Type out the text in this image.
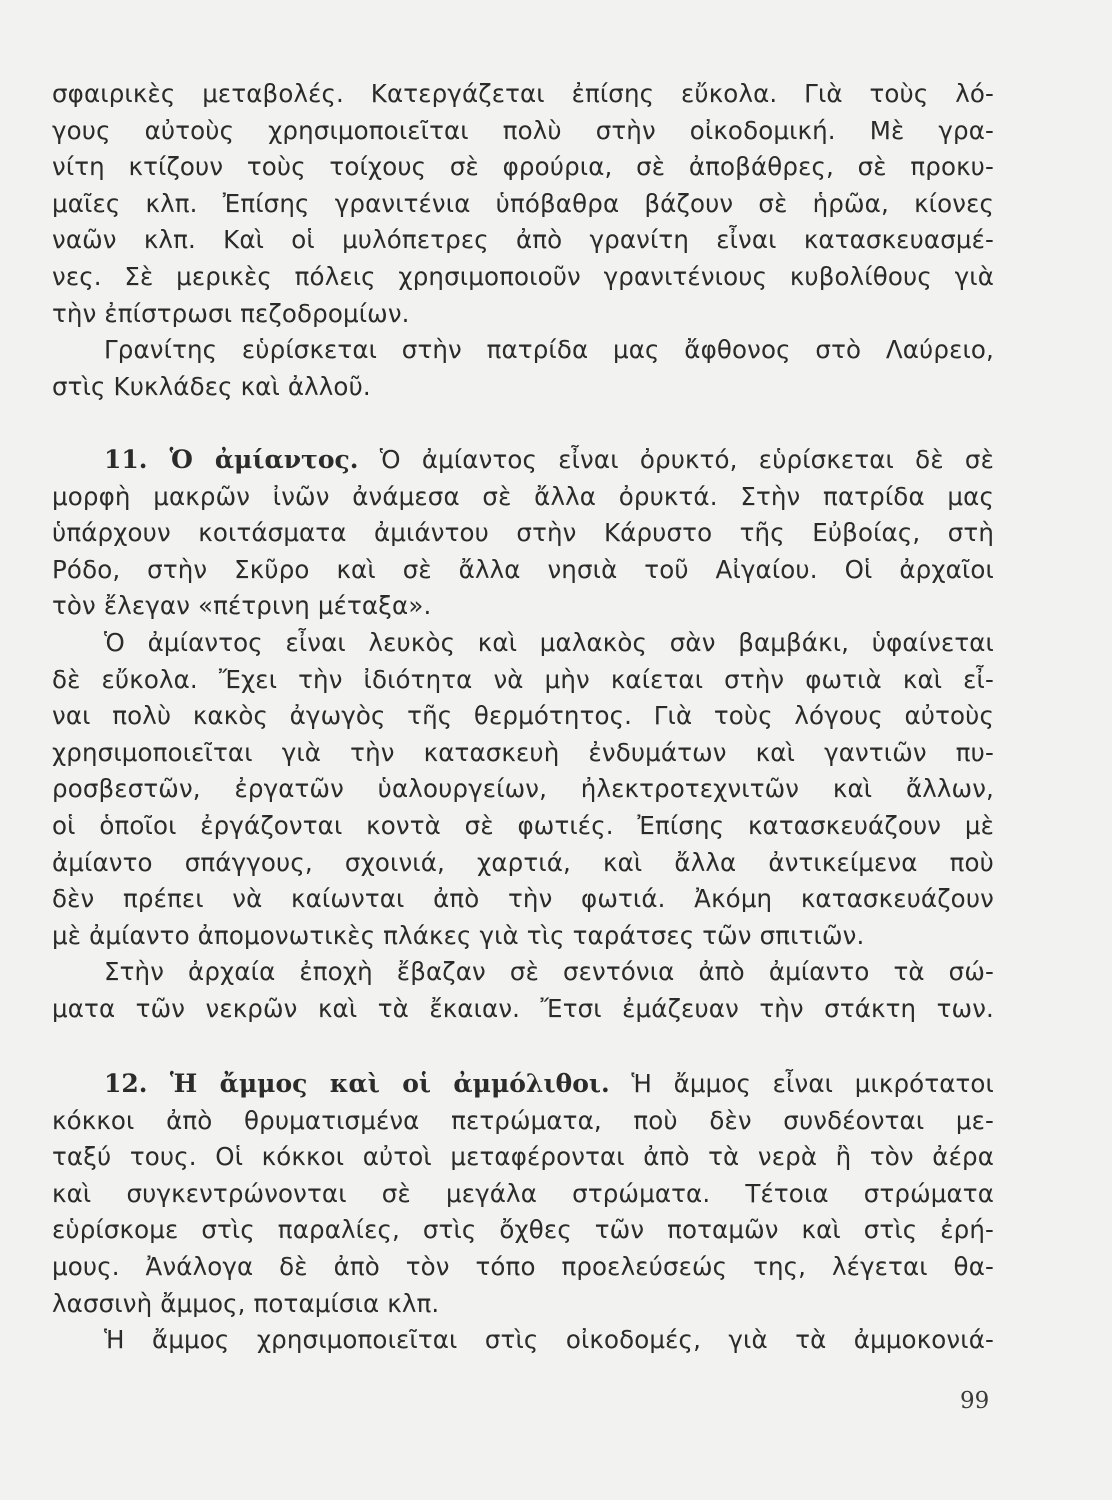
σφαιρικὲς μεταβολές. Κατεργάζεται ἐπίσης εὔκολα. Γιὰ τοὺς λό-
γους αὐτοὺς χρησιμοποιεῖται πολὺ στὴν οἰκοδομική. Μὲ γρα-
νίτη κτίζουν τοὺς τοίχους σὲ φρούρια, σὲ ἀποβάθρες, σὲ προκυ-
μαῖες κλπ. Ἐπίσης γρανιτένια ὑπόβαθρα βάζουν σὲ ἡρῶα, κίονες
ναῶν κλπ. Καὶ οἱ μυλόπετρες ἀπὸ γρανίτη εἶναι κατασκευασμέ-
νες. Σὲ μερικὲς πόλεις χρησιμοποιοῦν γρανιτένιους κυβολίθους γιὰ
τὴν ἐπίστρωσι πεζοδρομίων.
Γρανίτης εὑρίσκεται στὴν πατρίδα μας ἄφθονος στὸ Λαύρειο,
στὶς Κυκλάδες καὶ ἀλλοῦ.
11. Ὁ ἀμίαντος. Ὁ ἀμίαντος εἶναι ὀρυκτό, εὑρίσκεται δὲ σὲ
μορφὴ μακρῶν ἰνῶν ἀνάμεσα σὲ ἄλλα ὀρυκτά. Στὴν πατρίδα μας
ὑπάρχουν κοιτάσματα ἀμιάντου στὴν Κάρυστο τῆς Εὐβοίας, στὴ
Ρόδο, στὴν Σκῦρο καὶ σὲ ἄλλα νησιὰ τοῦ Αἰγαίου. Οἱ ἀρχαῖοι
τὸν ἔλεγαν «πέτρινη μέταξα».
Ὁ ἀμίαντος εἶναι λευκὸς καὶ μαλακὸς σὰν βαμβάκι, ὑφαίνεται
δὲ εὔκολα. Ἔχει τὴν ἰδιότητα νὰ μὴν καίεται στὴν φωτιὰ καὶ εἶ-
ναι πολὺ κακὸς ἀγωγὸς τῆς θερμότητος. Γιὰ τοὺς λόγους αὐτοὺς
χρησιμοποιεῖται γιὰ τὴν κατασκευὴ ἐνδυμάτων καὶ γαντιῶν πυ-
ροσβεστῶν, ἐργατῶν ὑαλουργείων, ἠλεκτροτεχνιτῶν καὶ ἄλλων,
οἱ ὁποῖοι ἐργάζονται κοντὰ σὲ φωτιές. Ἐπίσης κατασκευάζουν μὲ
ἀμίαντο σπάγγους, σχοινιά, χαρτιά, καὶ ἄλλα ἀντικείμενα ποὺ
δὲν πρέπει νὰ καίωνται ἀπὸ τὴν φωτιά. Ἀκόμη κατασκευάζουν
μὲ ἀμίαντο ἀπομονωτικὲς πλάκες γιὰ τὶς ταράτσες τῶν σπιτιῶν.
Στὴν ἀρχαία ἐποχὴ ἔβαζαν σὲ σεντόνια ἀπὸ ἀμίαντο τὰ σώ-
ματα τῶν νεκρῶν καὶ τὰ ἔκαιαν. Ἔτσι ἐμάζευαν τὴν στάκτη των.
12. Ἡ ἄμμος καὶ οἱ ἀμμόλιθοι. Ἡ ἄμμος εἶναι μικρότατοι
κόκκοι ἀπὸ θρυματισμένα πετρώματα, ποὺ δὲν συνδέονται με-
ταξύ τους. Οἱ κόκκοι αὐτοὶ μεταφέρονται ἀπὸ τὰ νερὰ ἢ τὸν ἀέρα
καὶ συγκεντρώνονται σὲ μεγάλα στρώματα. Τέτοια στρώματα
εὑρίσκομε στὶς παραλίες, στὶς ὄχθες τῶν ποταμῶν καὶ στὶς ἐρή-
μους. Ἀνάλογα δὲ ἀπὸ τὸν τόπο προελεύσεώς της, λέγεται θα-
λασσινὴ ἄμμος, ποταμίσια κλπ.
Ἡ ἄμμος χρησιμοποιεῖται στὶς οἰκοδομές, γιὰ τὰ ἀμμοκονιά-
99
